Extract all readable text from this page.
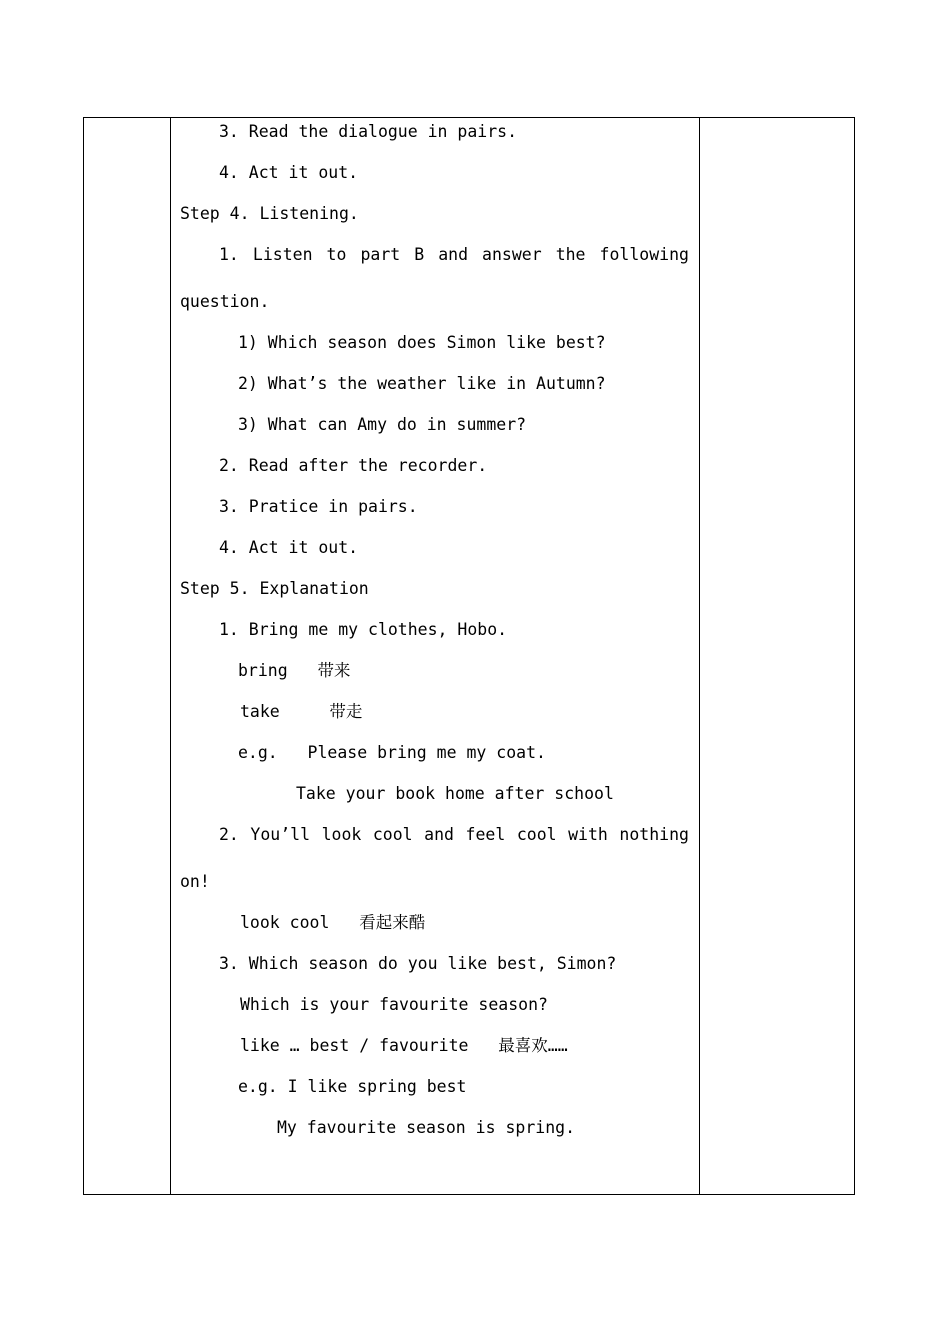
3. Read the dialogue in pairs.
4. Act it out.
Step 4. Listening.
1. Listen to part B and answer the following
question.
1) Which season does Simon like best?
2) What’s the weather like in Autumn?
3) What can Amy do in summer?
2. Read after the recorder.
3. Pratice in pairs.
4. Act it out.
Step 5. Explanation
1. Bring me my clothes, Hobo.
bring   带来
take     带走
e.g.   Please bring me my coat.
Take your book home after school
2. You’ll look cool and feel cool with nothing
on!
look cool   看起来酷
3. Which season do you like best, Simon?
Which is your favourite season?
like … best / favourite   最喜欢……
e.g. I like spring best
My favourite season is spring.
